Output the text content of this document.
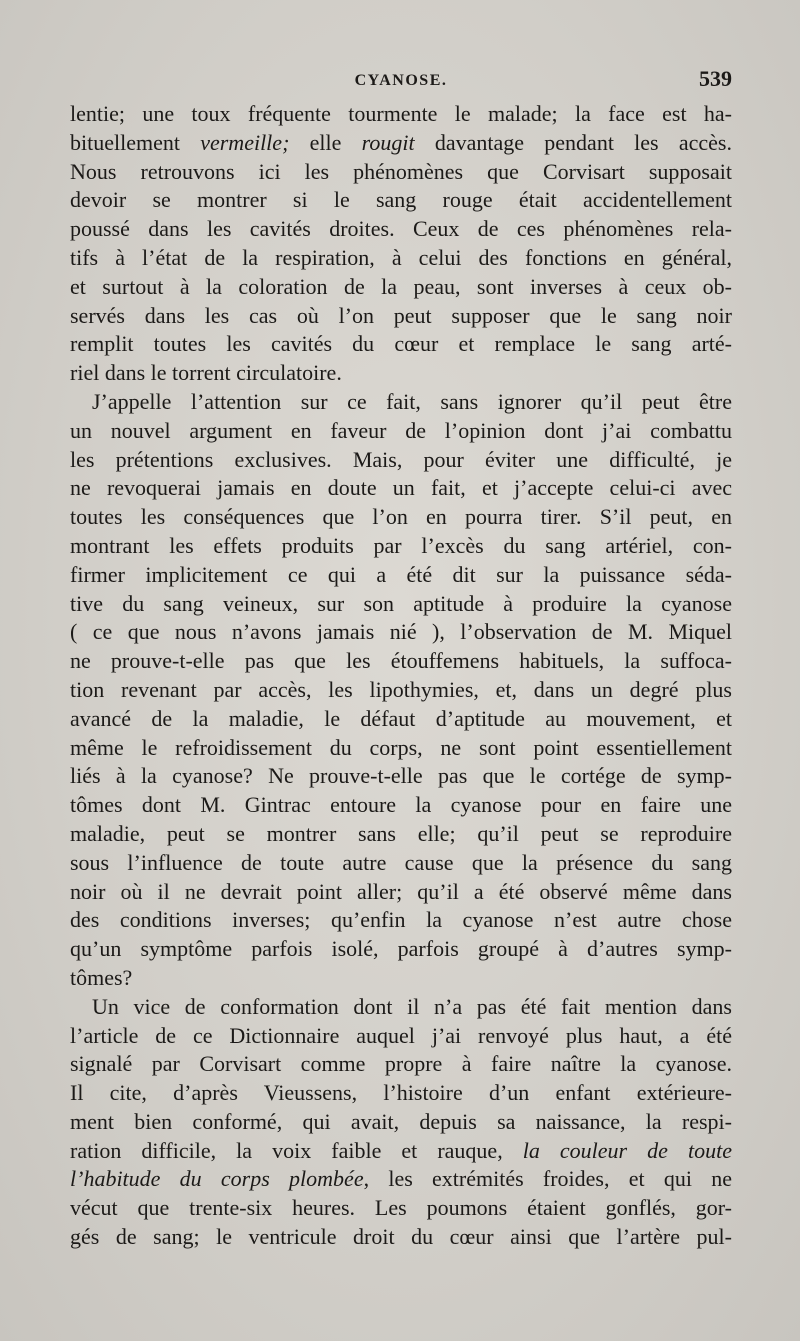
CYANOSE.	539
lentie; une toux fréquente tourmente le malade; la face est ha-
bituellement vermeille; elle rougit davantage pendant les accès.
Nous retrouvons ici les phénomènes que Corvisart supposait
devoir se montrer si le sang rouge était accidentellement
poussé dans les cavités droites. Ceux de ces phénomènes rela-
tifs à l’état de la respiration, à celui des fonctions en général,
et surtout à la coloration de la peau, sont inverses à ceux ob-
servés dans les cas où l’on peut supposer que le sang noir
remplit toutes les cavités du cœur et remplace le sang arté-
riel dans le torrent circulatoire.
J’appelle l’attention sur ce fait, sans ignorer qu’il peut être
un nouvel argument en faveur de l’opinion dont j’ai combattu
les prétentions exclusives. Mais, pour éviter une difficulté, je
ne revoquerai jamais en doute un fait, et j’accepte celui-ci avec
toutes les conséquences que l’on en pourra tirer. S’il peut, en
montrant les effets produits par l’excès du sang artériel, con-
firmer implicitement ce qui a été dit sur la puissance séda-
tive du sang veineux, sur son aptitude à produire la cyanose
( ce que nous n’avons jamais nié ), l’observation de M. Miquel
ne prouve-t-elle pas que les étouffemens habituels, la suffoca-
tion revenant par accès, les lipothymies, et, dans un degré plus
avancé de la maladie, le défaut d’aptitude au mouvement, et
même le refroidissement du corps, ne sont point essentiellement
liés à la cyanose? Ne prouve-t-elle pas que le cortége de symp-
tômes dont M. Gintrac entoure la cyanose pour en faire une
maladie, peut se montrer sans elle; qu’il peut se reproduire
sous l’influence de toute autre cause que la présence du sang
noir où il ne devrait point aller; qu’il a été observé même dans
des conditions inverses; qu’enfin la cyanose n’est autre chose
qu’un symptôme parfois isolé, parfois groupé à d’autres symp-
tômes?
Un vice de conformation dont il n’a pas été fait mention dans
l’article de ce Dictionnaire auquel j’ai renvoyé plus haut, a été
signalé par Corvisart comme propre à faire naître la cyanose.
Il cite, d’après Vieussens, l’histoire d’un enfant extérieure-
ment bien conformé, qui avait, depuis sa naissance, la respi-
ration difficile, la voix faible et rauque, la couleur de toute
l’habitude du corps plombée, les extrémités froides, et qui ne
vécut que trente-six heures. Les poumons étaient gonflés, gor-
gés de sang; le ventricule droit du cœur ainsi que l’artère pul-
